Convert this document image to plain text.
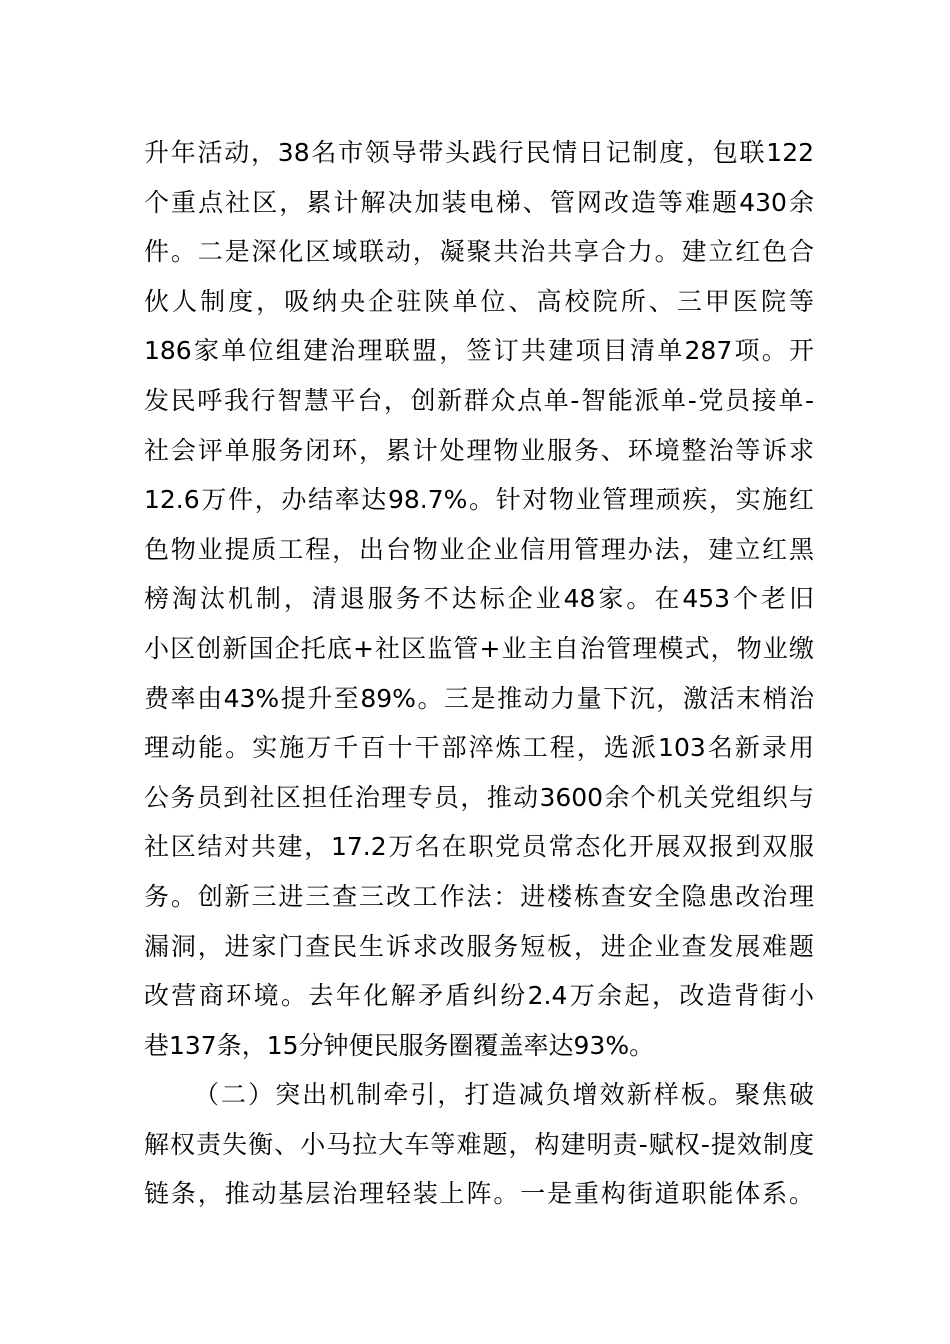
升年活动，38名市领导带头践行民情日记制度，包联122
个重点社区，累计解决加装电梯、管网改造等难题430余
件。二是深化区域联动，凝聚共治共享合力。建立红色合
伙人制度，吸纳央企驻陕单位、高校院所、三甲医院等
186家单位组建治理联盟，签订共建项目清单287项。开
发民呼我行智慧平台，创新群众点单-智能派单-党员接单-
社会评单服务闭环，累计处理物业服务、环境整治等诉求
12.6万件，办结率达98.7%。针对物业管理顽疾，实施红
色物业提质工程，出台物业企业信用管理办法，建立红黑
榜淘汰机制，清退服务不达标企业48家。在453个老旧
小区创新国企托底+社区监管+业主自治管理模式，物业缴
费率由43%提升至89%。三是推动力量下沉，激活末梢治
理动能。实施万千百十干部淬炼工程，选派103名新录用
公务员到社区担任治理专员，推动3600余个机关党组织与
社区结对共建，17.2万名在职党员常态化开展双报到双服
务。创新三进三查三改工作法：进楼栋查安全隐患改治理
漏洞，进家门查民生诉求改服务短板，进企业查发展难题
改营商环境。去年化解矛盾纠纷2.4万余起，改造背街小
巷137条，15分钟便民服务圈覆盖率达93%。
（二）突出机制牵引，打造减负增效新样板。聚焦破
解权责失衡、小马拉大车等难题，构建明责-赋权-提效制度
链条，推动基层治理轻装上阵。一是重构街道职能体系。
